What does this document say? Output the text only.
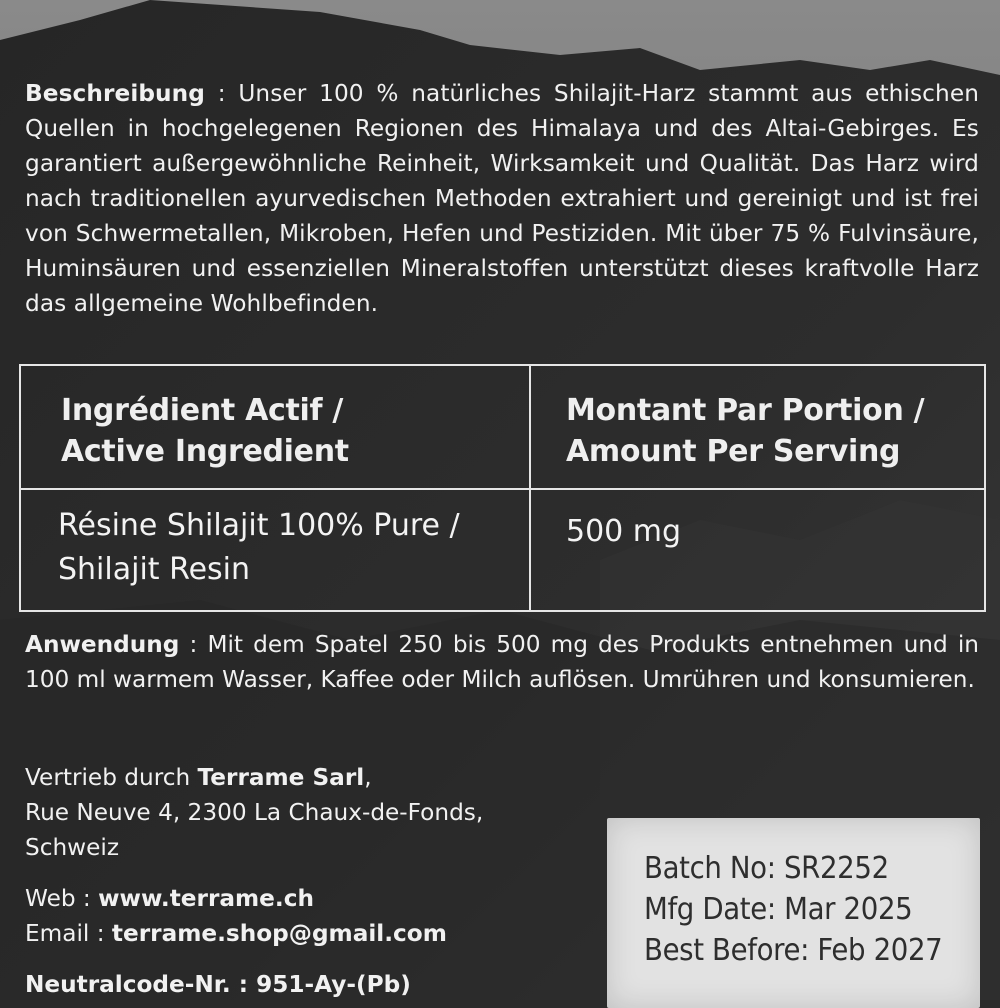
Beschreibung : Unser 100 % natürliches Shilajit-Harz stammt aus ethischen Quellen in hochgelegenen Regionen des Himalaya und des Altai-Gebirges. Es garantiert außergewöhnliche Reinheit, Wirksamkeit und Qualität. Das Harz wird nach traditionellen ayurvedischen Methoden extrahiert und gereinigt und ist frei von Schwermetallen, Mikroben, Hefen und Pestiziden. Mit über 75 % Fulvinsäure, Huminsäuren und essenziellen Mineralstoffen unterstützt dieses kraftvolle Harz das allgemeine Wohlbefinden.
Ingrédient Actif /
Active Ingredient
Montant Par Portion /
Amount Per Serving
Résine Shilajit 100% Pure /
Shilajit Resin
500 mg
Anwendung : Mit dem Spatel 250 bis 500 mg des Produkts entnehmen und in 100 ml warmem Wasser, Kaffee oder Milch auflösen. Umrühren und konsumieren.
Vertrieb durch Terrame Sarl,
Rue Neuve 4, 2300 La Chaux-de-Fonds,
Schweiz
Web : www.terrame.ch
Email : terrame.shop@gmail.com
Neutralcode-Nr. : 951-Ay-(Pb)
Batch No: SR2252
Mfg Date: Mar 2025
Best Before: Feb 2027
